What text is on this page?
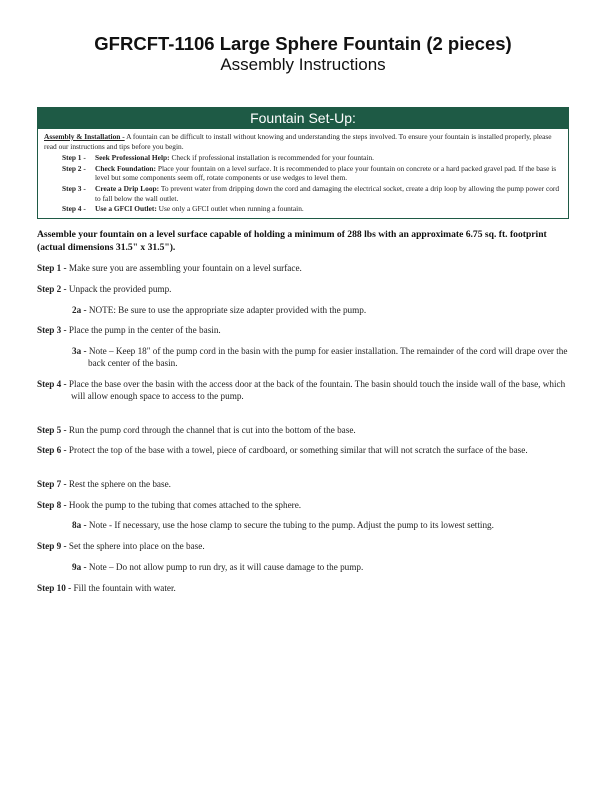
GFRCFT-1106 Large Sphere Fountain (2 pieces)
Assembly Instructions
Fountain Set-Up:

Assembly & Installation - A fountain can be difficult to install without knowing and understanding the steps involved. To ensure your fountain is installed properly, please read our instructions and tips before you begin.

Step 1 -	Seek Professional Help: Check if professional installation is recommended for your fountain.
Step 2 -	Check Foundation: Place your fountain on a level surface. It is recommended to place your fountain on concrete or a hard packed gravel pad. If the base is level but some components seem off, rotate components or use wedges to level them.
Step 3 -	Create a Drip Loop: To prevent water from dripping down the cord and damaging the electrical socket, create a drip loop by allowing the pump power cord to fall below the wall outlet.
Step 4 -	Use a GFCI Outlet: Use only a GFCI outlet when running a fountain.
Assemble your fountain on a level surface capable of holding a minimum of 288 lbs with an approximate 6.75 sq. ft. footprint (actual dimensions 31.5" x 31.5").
Step 1 - Make sure you are assembling your fountain on a level surface.
Step 2 - Unpack the provided pump.
2a - NOTE: Be sure to use the appropriate size adapter provided with the pump.
Step 3 - Place the pump in the center of the basin.
3a - Note – Keep 18" of the pump cord in the basin with the pump for easier installation. The remainder of the cord will drape over the back center of the basin.
Step 4 - Place the base over the basin with the access door at the back of the fountain. The basin should touch the inside wall of the base, which will allow enough space to access to the pump.
Step 5 - Run the pump cord through the channel that is cut into the bottom of the base.
Step 6 - Protect the top of the base with a towel, piece of cardboard, or something similar that will not scratch the surface of the base.
Step 7 - Rest the sphere on the base.
Step 8 - Hook the pump to the tubing that comes attached to the sphere.
8a - Note - If necessary, use the hose clamp to secure the tubing to the pump. Adjust the pump to its lowest setting.
Step 9 - Set the sphere into place on the base.
9a - Note – Do not allow pump to run dry, as it will cause damage to the pump.
Step 10 - Fill the fountain with water.
